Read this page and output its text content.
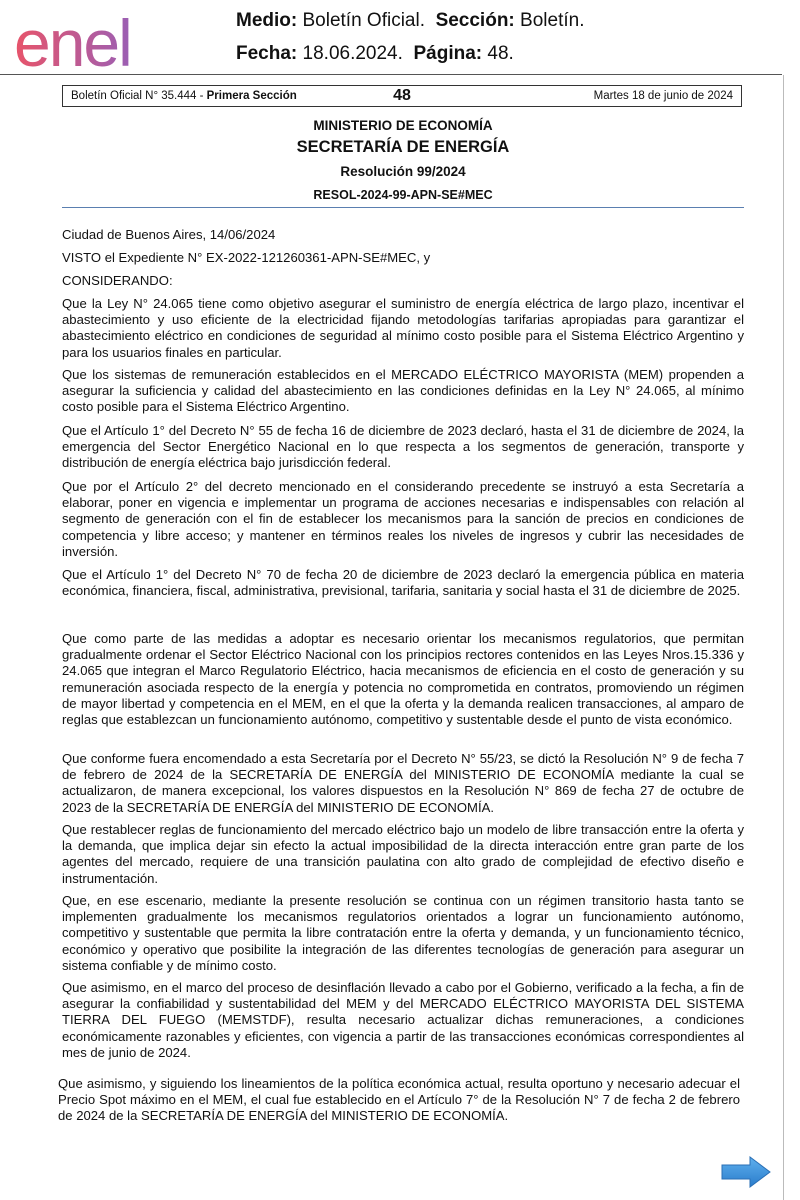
enel	Medio: Boletín Oficial. Sección: Boletín.
Fecha: 18.06.2024. Página: 48.
Boletín Oficial N° 35.444 - Primera Sección	48	Martes 18 de junio de 2024
MINISTERIO DE ECONOMÍA
SECRETARÍA DE ENERGÍA
Resolución 99/2024
RESOL-2024-99-APN-SE#MEC

Ciudad de Buenos Aires, 14/06/2024

VISTO el Expediente N° EX-2022-121260361-APN-SE#MEC, y

CONSIDERANDO:

Que la Ley N° 24.065 tiene como objetivo asegurar el suministro de energía eléctrica de largo plazo, incentivar el abastecimiento y uso eficiente de la electricidad fijando metodologías tarifarias apropiadas para garantizar el abastecimiento eléctrico en condiciones de seguridad al mínimo costo posible para el Sistema Eléctrico Argentino y para los usuarios finales en particular.

Que los sistemas de remuneración establecidos en el MERCADO ELÉCTRICO MAYORISTA (MEM) propenden a asegurar la suficiencia y calidad del abastecimiento en las condiciones definidas en la Ley N° 24.065, al mínimo costo posible para el Sistema Eléctrico Argentino.

Que el Artículo 1° del Decreto N° 55 de fecha 16 de diciembre de 2023 declaró, hasta el 31 de diciembre de 2024, la emergencia del Sector Energético Nacional en lo que respecta a los segmentos de generación, transporte y distribución de energía eléctrica bajo jurisdicción federal.

Que por el Artículo 2° del decreto mencionado en el considerando precedente se instruyó a esta Secretaría a elaborar, poner en vigencia e implementar un programa de acciones necesarias e indispensables con relación al segmento de generación con el fin de establecer los mecanismos para la sanción de precios en condiciones de competencia y libre acceso; y mantener en términos reales los niveles de ingresos y cubrir las necesidades de inversión.

Que el Artículo 1° del Decreto N° 70 de fecha 20 de diciembre de 2023 declaró la emergencia pública en materia económica, financiera, fiscal, administrativa, previsional, tarifaria, sanitaria y social hasta el 31 de diciembre de 2025.

Que como parte de las medidas a adoptar es necesario orientar los mecanismos regulatorios, que permitan gradualmente ordenar el Sector Eléctrico Nacional con los principios rectores contenidos en las Leyes Nros.15.336 y 24.065 que integran el Marco Regulatorio Eléctrico, hacia mecanismos de eficiencia en el costo de generación y su remuneración asociada respecto de la energía y potencia no comprometida en contratos, promoviendo un régimen de mayor libertad y competencia en el MEM, en el que la oferta y la demanda realicen transacciones, al amparo de reglas que establezcan un funcionamiento autónomo, competitivo y sustentable desde el punto de vista económico.

Que conforme fuera encomendado a esta Secretaría por el Decreto N° 55/23, se dictó la Resolución N° 9 de fecha 7 de febrero de 2024 de la SECRETARÍA DE ENERGÍA del MINISTERIO DE ECONOMÍA mediante la cual se actualizaron, de manera excepcional, los valores dispuestos en la Resolución N° 869 de fecha 27 de octubre de 2023 de la SECRETARÍA DE ENERGÍA del MINISTERIO DE ECONOMÍA.

Que restablecer reglas de funcionamiento del mercado eléctrico bajo un modelo de libre transacción entre la oferta y la demanda, que implica dejar sin efecto la actual imposibilidad de la directa interacción entre gran parte de los agentes del mercado, requiere de una transición paulatina con alto grado de complejidad de efectivo diseño e instrumentación.

Que, en ese escenario, mediante la presente resolución se continua con un régimen transitorio hasta tanto se implementen gradualmente los mecanismos regulatorios orientados a lograr un funcionamiento autónomo, competitivo y sustentable que permita la libre contratación entre la oferta y demanda, y un funcionamiento técnico, económico y operativo que posibilite la integración de las diferentes tecnologías de generación para asegurar un sistema confiable y de mínimo costo.

Que asimismo, en el marco del proceso de desinflación llevado a cabo por el Gobierno, verificado a la fecha, a fin de asegurar la confiabilidad y sustentabilidad del MEM y del MERCADO ELÉCTRICO MAYORISTA DEL SISTEMA TIERRA DEL FUEGO (MEMSTDF), resulta necesario actualizar dichas remuneraciones, a condiciones económicamente razonables y eficientes, con vigencia a partir de las transacciones económicas correspondientes al mes de junio de 2024.

Que asimismo, y siguiendo los lineamientos de la política económica actual, resulta oportuno y necesario adecuar el Precio Spot máximo en el MEM, el cual fue establecido en el Artículo 7° de la Resolución N° 7 de fecha 2 de febrero de 2024 de la SECRETARÍA DE ENERGÍA del MINISTERIO DE ECONOMÍA.
